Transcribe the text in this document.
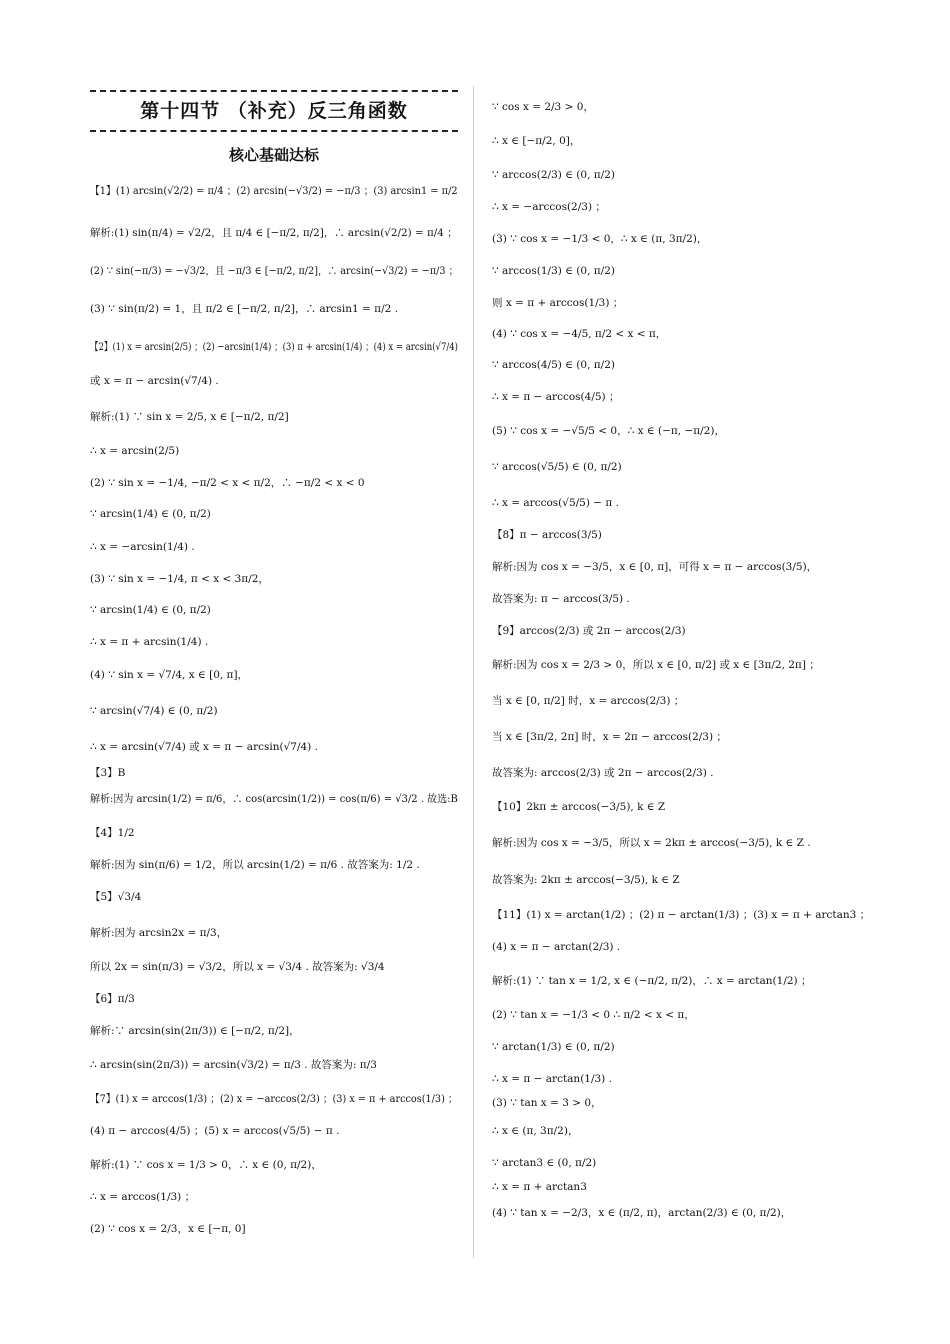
第十四节 （补充）反三角函数
核心基础达标
【1】(1) arcsin(√2/2) = π/4 ；(2) arcsin(−√3/2) = −π/3 ；(3) arcsin1 = π/2
解析:(1) sin(π/4) = √2/2，且 π/4 ∈ [−π/2, π/2]，∴ arcsin(√2/2) = π/4 ；
(2) ∵ sin(−π/3) = −√3/2，且 −π/3 ∈ [−π/2, π/2]，∴ arcsin(−√3/2) = −π/3 ；
(3) ∵ sin(π/2) = 1，且 π/2 ∈ [−π/2, π/2]，∴ arcsin1 = π/2 .
【2】(1) x = arcsin(2/5) ；(2) −arcsin(1/4) ；(3) π + arcsin(1/4) ；(4) x = arcsin(√7/4)
或 x = π − arcsin(√7/4) .
解析:(1) ∵ sin x = 2/5, x ∈ [−π/2, π/2]
∴ x = arcsin(2/5)
(2) ∵ sin x = −1/4, −π/2 < x < π/2，∴ −π/2 < x < 0
∵ arcsin(1/4) ∈ (0, π/2)
∴ x = −arcsin(1/4) .
(3) ∵ sin x = −1/4, π < x < 3π/2，
∵ arcsin(1/4) ∈ (0, π/2)
∴ x = π + arcsin(1/4) .
(4) ∵ sin x = √7/4, x ∈ [0, π]，
∵ arcsin(√7/4) ∈ (0, π/2)
∴ x = arcsin(√7/4) 或 x = π − arcsin(√7/4) .
【3】B
解析:因为 arcsin(1/2) = π/6，∴ cos(arcsin(1/2)) = cos(π/6) = √3/2 . 故选:B
【4】1/2
解析:因为 sin(π/6) = 1/2，所以 arcsin(1/2) = π/6 . 故答案为: 1/2 .
【5】√3/4
解析:因为 arcsin2x = π/3，
所以 2x = sin(π/3) = √3/2，所以 x = √3/4 . 故答案为: √3/4
【6】π/3
解析:∵ arcsin(sin(2π/3)) ∈ [−π/2, π/2]，
∴ arcsin(sin(2π/3)) = arcsin(√3/2) = π/3 . 故答案为: π/3
【7】(1) x = arccos(1/3) ；(2) x = −arccos(2/3) ；(3) x = π + arccos(1/3) ；
(4) π − arccos(4/5) ；(5) x = arccos(√5/5) − π .
解析:(1) ∵ cos x = 1/3 > 0，∴ x ∈ (0, π/2)，
∴ x = arccos(1/3) ；
(2) ∵ cos x = 2/3，x ∈ [−π, 0]
∵ cos x = 2/3 > 0，
∴ x ∈ [−π/2, 0]，
∵ arccos(2/3) ∈ (0, π/2)
∴ x = −arccos(2/3) ；
(3) ∵ cos x = −1/3 < 0，∴ x ∈ (π, 3π/2)，
∵ arccos(1/3) ∈ (0, π/2)
则 x = π + arccos(1/3) ；
(4) ∵ cos x = −4/5, π/2 < x < π，
∵ arccos(4/5) ∈ (0, π/2)
∴ x = π − arccos(4/5) ；
(5) ∵ cos x = −√5/5 < 0，∴ x ∈ (−π, −π/2)，
∵ arccos(√5/5) ∈ (0, π/2)
∴ x = arccos(√5/5) − π .
【8】π − arccos(3/5)
解析:因为 cos x = −3/5，x ∈ [0, π]，可得 x = π − arccos(3/5)，
故答案为: π − arccos(3/5) .
【9】arccos(2/3) 或 2π − arccos(2/3)
解析:因为 cos x = 2/3 > 0，所以 x ∈ [0, π/2] 或 x ∈ [3π/2, 2π] ；
当 x ∈ [0, π/2] 时，x = arccos(2/3) ；
当 x ∈ [3π/2, 2π] 时，x = 2π − arccos(2/3) ；
故答案为: arccos(2/3) 或 2π − arccos(2/3) .
【10】2kπ ± arccos(−3/5), k ∈ Z
解析:因为 cos x = −3/5，所以 x = 2kπ ± arccos(−3/5), k ∈ Z .
故答案为: 2kπ ± arccos(−3/5), k ∈ Z
【11】(1) x = arctan(1/2) ；(2) π − arctan(1/3) ；(3) x = π + arctan3 ；
(4) x = π − arctan(2/3) .
解析:(1) ∵ tan x = 1/2, x ∈ (−π/2, π/2)，∴ x = arctan(1/2) ；
(2) ∵ tan x = −1/3 < 0 ∴ π/2 < x < π，
∵ arctan(1/3) ∈ (0, π/2)
∴ x = π − arctan(1/3) .
(3) ∵ tan x = 3 > 0，
∴ x ∈ (π, 3π/2)，
∵ arctan3 ∈ (0, π/2)
∴ x = π + arctan3
(4) ∵ tan x = −2/3，x ∈ (π/2, π)，arctan(2/3) ∈ (0, π/2)，
